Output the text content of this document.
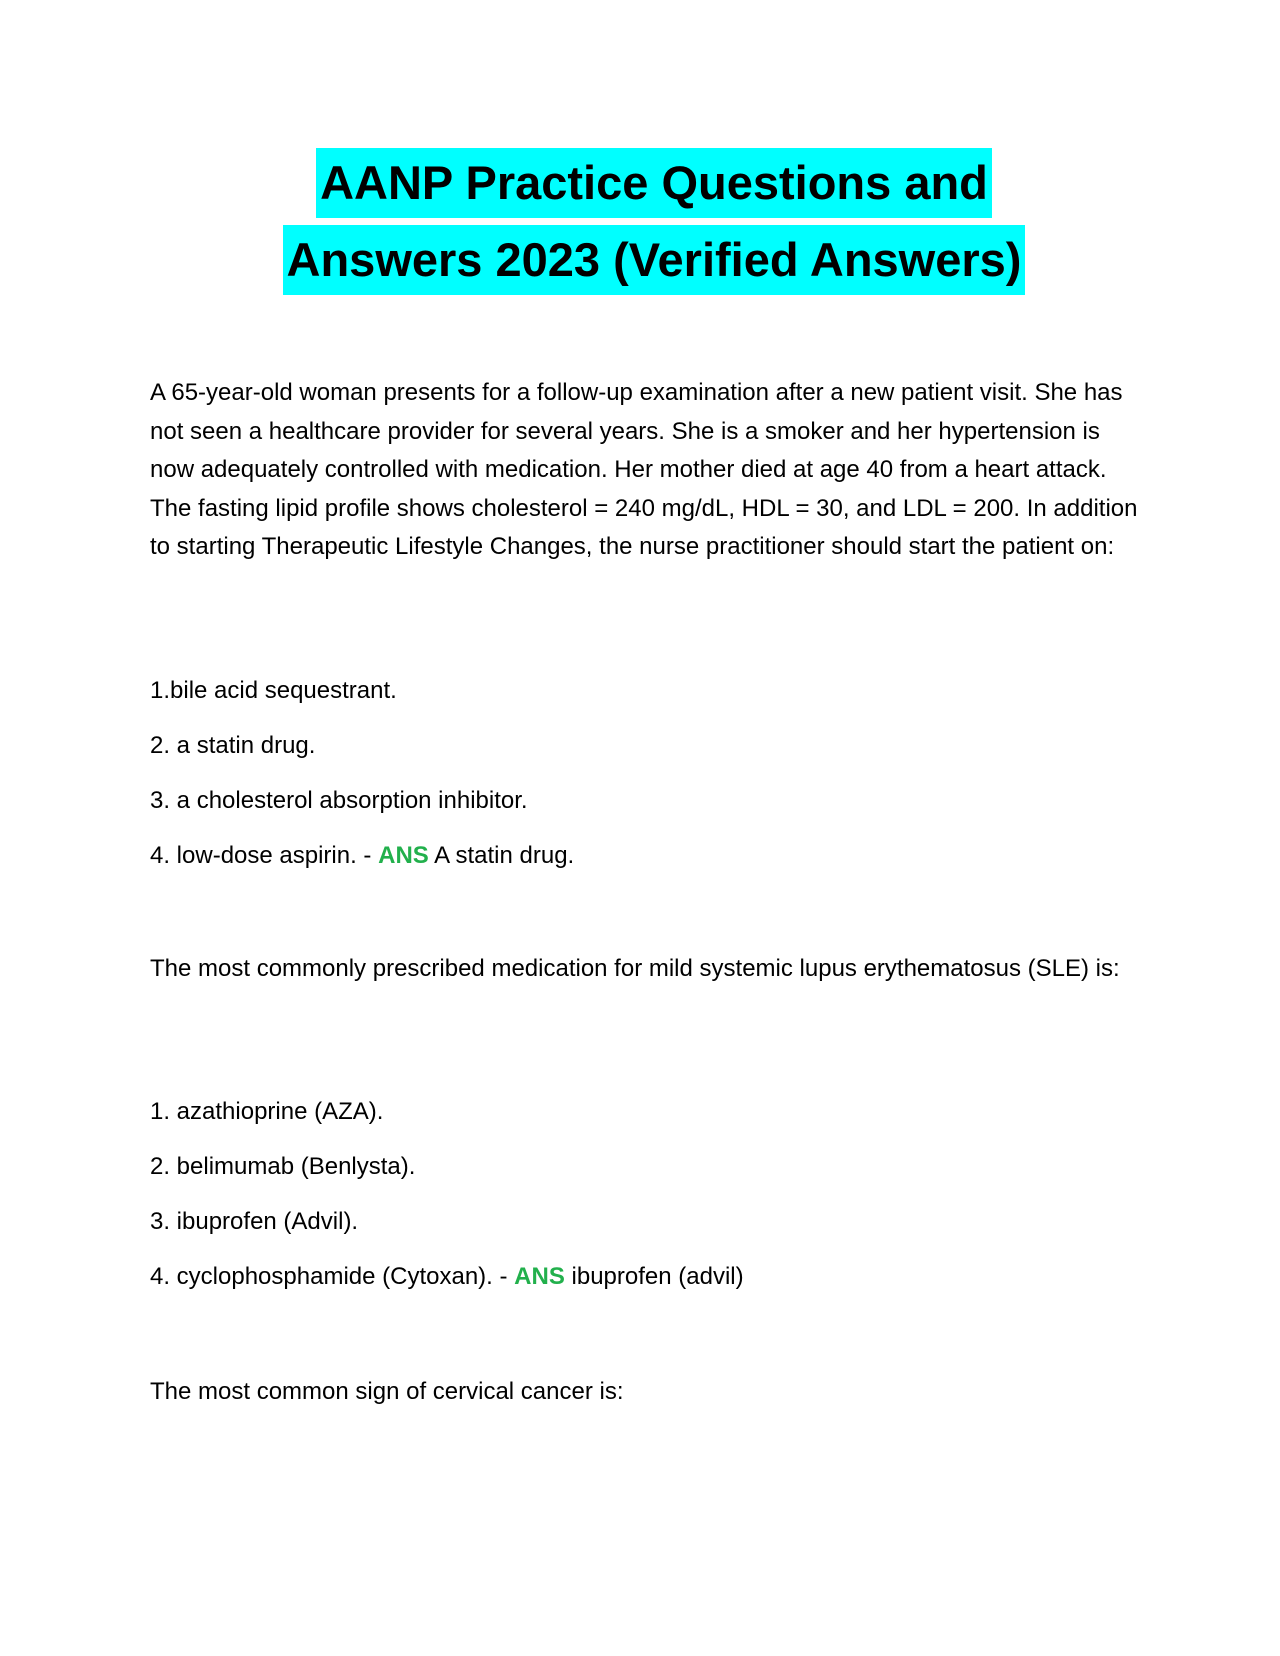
AANP Practice Questions and
Answers 2023 (Verified Answers)

A 65-year-old woman presents for a follow-up examination after a new patient visit. She has not seen a healthcare provider for several years. She is a smoker and her hypertension is now adequately controlled with medication. Her mother died at age 40 from a heart attack. The fasting lipid profile shows cholesterol = 240 mg/dL, HDL = 30, and LDL = 200. In addition to starting Therapeutic Lifestyle Changes, the nurse practitioner should start the patient on:

1.bile acid sequestrant.

2. a statin drug.

3. a cholesterol absorption inhibitor.

4. low-dose aspirin. - ANS A statin drug.

The most commonly prescribed medication for mild systemic lupus erythematosus (SLE) is:

1. azathioprine (AZA).

2. belimumab (Benlysta).

3. ibuprofen (Advil).

4. cyclophosphamide (Cytoxan). - ANS ibuprofen (advil)

The most common sign of cervical cancer is:
